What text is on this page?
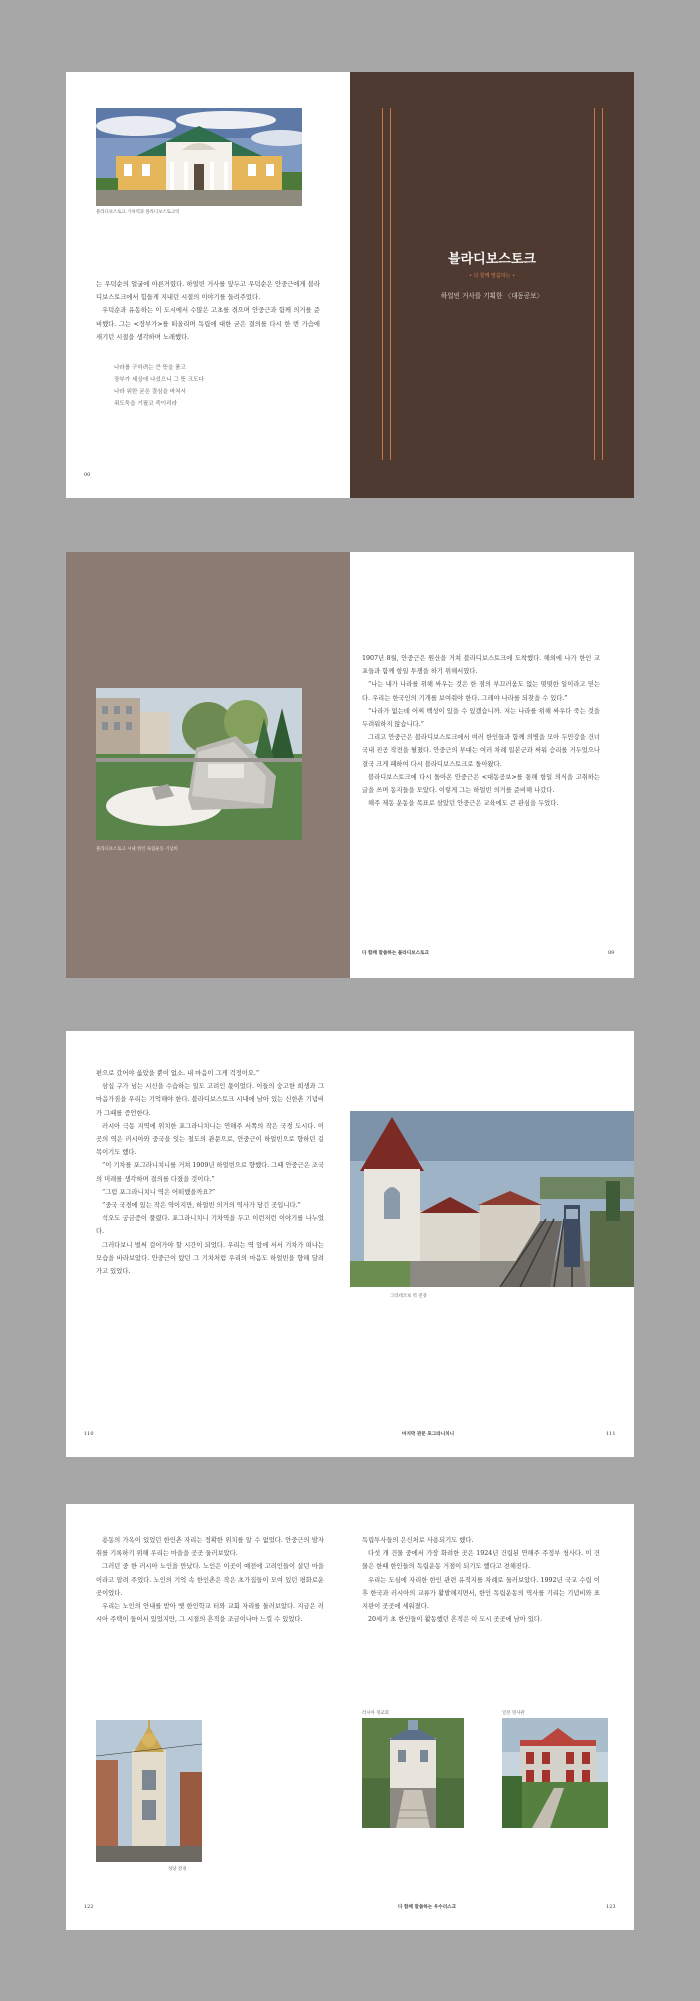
블라디보스토크 기차역과 블라디보스토크역

는 우덕순의 얼굴에 아른거렸다. 하얼빈 거사를 앞두고 우덕순은 안중근에게 블라디보스토크에서 힘들게 지내던 시절의 이야기를 들려주었다.

우덕순과 유동하는 이 도시에서 수많은 고초를 겪으며 안중근과 함께 의거를 준비했다. 그는 <장부가>를 떠올리며 독립에 대한 굳은 결의를 다시 한 번 가슴에 새기던 시절을 생각하며 노래했다.

나라를 구하려는 큰 뜻을 품고

장부가 세상에 나섰으니 그 뜻 크도다

나라 위한 굳은 결심을 바쳐서

쥐도둑을 기필코 죽이리라

00
블라디보스토크
• 다 함께 말씀하는 •
하얼빈 거사를 기획한 〈대동공보〉
블라디보스토크 시내 한인 독립운동 기념비

1907년 8월, 안중근은 원산을 거쳐 블라디보스토크에 도착했다. 해외에 나가 한인 교포들과 함께 항일 투쟁을 하기 위해서였다.

“나는 내가 나라를 위해 싸우는 것은 한 점의 부끄러움도 없는 떳떳한 일이라고 믿는다. 우리는 한국인의 기개를 보여줘야 한다. 그래야 나라를 되찾을 수 있다.”

“나라가 없는데 어찌 백성이 있을 수 있겠습니까. 저는 나라를 위해 싸우다 죽는 것을 두려워하지 않습니다.”

그리고 안중근은 블라디보스토크에서 여러 한인들과 함께 의병을 모아 두만강을 건너 국내 진공 작전을 펼쳤다. 안중근의 부대는 여러 차례 일본군과 싸워 승리를 거두었으나 결국 크게 패하여 다시 블라디보스토크로 돌아왔다.

블라디보스토크에 다시 돌아온 안중근은 <대동공보>를 통해 항일 의식을 고취하는 글을 쓰며 동지들을 모았다. 이렇게 그는 하얼빈 의거를 준비해 나갔다.

해주 제동 운동을 목표로 삼았던 안중근은 교육에도 큰 관심을 두었다.

다 함께 말씀하는 블라디보스토크	89

편으로 갔어야 옳았을 뿐이 없소. 내 마음이 그게 걱정이오.”

삼십 구가 넘는 시신을 수습하는 일도 고려인 몫이었다. 이들의 숭고한 희생과 그 마음가짐을 우리는 기억해야 한다. 블라디보스토크 시내에 남아 있는 신한촌 기념비가 그때를 증언한다.

러시아 극동 지역에 위치한 포그라니치니는 연해주 서쪽의 작은 국경 도시다. 이곳의 역은 러시아와 중국을 잇는 철도의 관문으로, 안중근이 하얼빈으로 향하던 길목이기도 했다.

“이 기차를 포그라니치니를 거쳐 1909년 하얼빈으로 향했다. 그때 안중근은 조국의 미래를 생각하며 결의를 다졌을 것이다.”

“그럼 포그라니치니 역은 어떠했을까요?”

“중국 국경에 있는 작은 역이지만, 하얼빈 의거의 역사가 담긴 곳입니다.”

석오도 궁금증이 풀렸다. 포그라니치니 기차역을 두고 이런저런 이야기를 나누었다.

그러다보니 벌써 걸어가야 할 시간이 되었다. 우리는 역 앞에 서서 기차가 떠나는 모습을 바라보았다. 안중근이 탔던 그 기차처럼 우리의 마음도 하얼빈을 향해 달려가고 있었다.

110
그라데코보 역 전경
마지막 관문 포그라니치니	111

용동의 가옥이 있었던 한인촌 자리는 정확한 위치를 알 수 없었다. 안중근의 발자취를 기록하기 위해 우리는 마을을 곳곳 둘러보았다.

그러던 중 한 러시아 노인을 만났다. 노인은 이곳이 예전에 고려인들이 살던 마을이라고 알려 주었다. 노인의 기억 속 한인촌은 작은 초가집들이 모여 있던 평화로운 곳이었다.

우리는 노인의 안내를 받아 옛 한인학교 터와 교회 자리를 둘러보았다. 지금은 러시아 주택이 들어서 있었지만, 그 시절의 흔적을 조금이나마 느낄 수 있었다.

성당 전경
122

독립투사들의 은신처로 사용되기도 했다.

다섯 개 건물 중에서 가장 화려한 곳은 1924년 건립된 연해주 주정부 청사다. 이 건물은 한때 한인들의 독립운동 거점이 되기도 했다고 전해진다.

우리는 도심에 자리한 한인 관련 유적지를 차례로 둘러보았다. 1992년 국교 수립 이후 한국과 러시아의 교류가 활발해지면서, 한인 독립운동의 역사를 기리는 기념비와 표지판이 곳곳에 세워졌다.

20세기 초 한인들이 활동했던 흔적은 이 도시 곳곳에 남아 있다.

러시아 정교회	일본 영사관
다 함께 말씀하는 우수리스크	123
